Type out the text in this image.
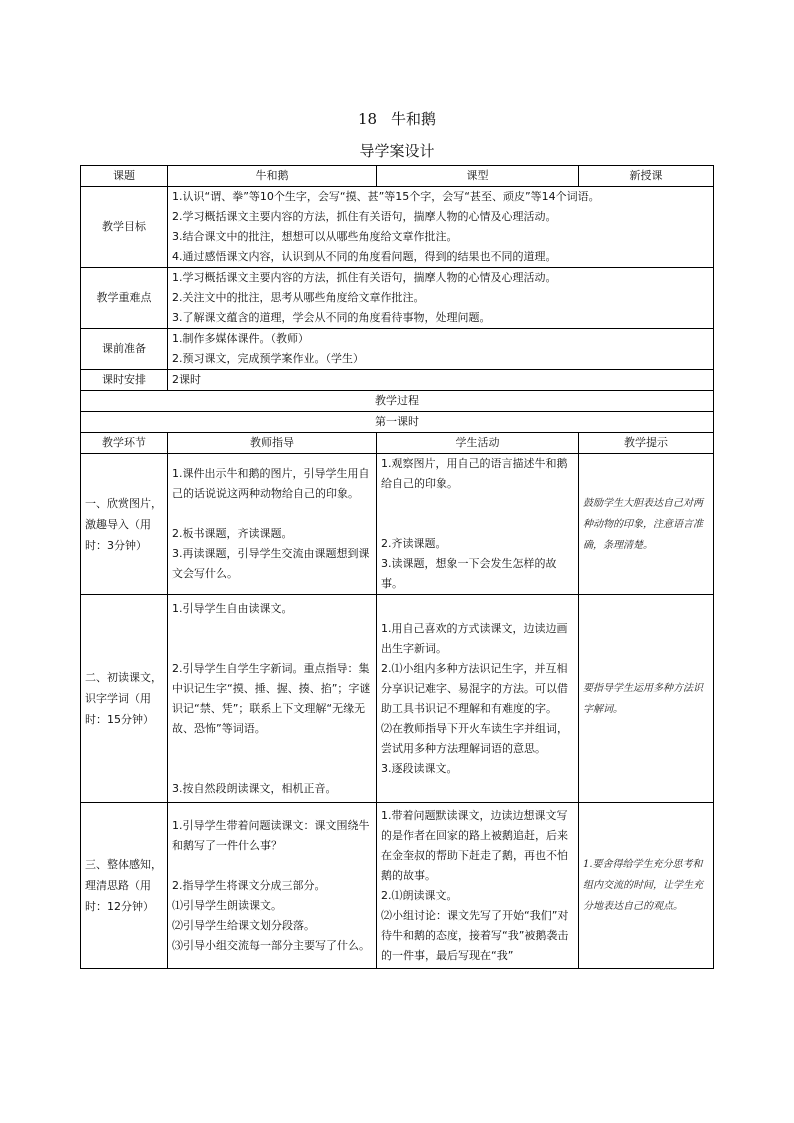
18 牛和鹅
导学案设计
课题	牛和鹅	课型	新授课
教学目标	1.认识“谓、拳”等10个生字，会写“摸、甚”等15个字，会写“甚至、顽皮”等14个词语。
2.学习概括课文主要内容的方法，抓住有关语句，揣摩人物的心情及心理活动。
3.结合课文中的批注，想想可以从哪些角度给文章作批注。
4.通过感悟课文内容，认识到从不同的角度看问题，得到的结果也不同的道理。		

教学重难点	1.学习概括课文主要内容的方法，抓住有关语句，揣摩人物的心情及心理活动。
2.关注文中的批注，思考从哪些角度给文章作批注。
3.了解课文蕴含的道理，学会从不同的角度看待事物，处理问题。		

课前准备	1.制作多媒体课件。（教师）
2.预习课文，完成预学案作业。（学生）		

课时安排	2课时		
教学过程			
第一课时			
教学环节	教师指导	学生活动	教学提示
一、欣赏图片，激趣导入（用时：3分钟）	1.课件出示牛和鹅的图片，引导学生用自己的话说说这两种动物给自己的印象。
2.板书课题，齐读课题。
3.再读课题，引导学生交流由课题想到课文会写什么。	1.观察图片，用自己的语言描述牛和鹅给自己的印象。
2.齐读课题。
3.读课题，想象一下会发生怎样的故事。	鼓励学生大胆表达自己对两种动物的印象，注意语言准确，条理清楚。
二、初读课文，识字学词（用时：15分钟）	1.引导学生自由读课文。
2.引导学生自学生字新词。重点指导：集中识记生字“摸、捶、握、揍、掐”；字谜识记“禁、凭”；联系上下文理解“无缘无故、恐怖”等词语。
3.按自然段朗读课文，相机正音。	1.用自己喜欢的方式读课文，边读边画出生字新词。
2.⑴小组内多种方法识记生字，并互相分享识记难字、易混字的方法。可以借助工具书识记不理解和有难度的字。
⑵在教师指导下开火车读生字并组词，尝试用多种方法理解词语的意思。
3.逐段读课文。	要指导学生运用多种方法识字解词。
三、整体感知，理清思路（用时：12分钟）	1.引导学生带着问题读课文：课文围绕牛和鹅写了一件什么事？
2.指导学生将课文分成三部分。
⑴引导学生朗读课文。
⑵引导学生给课文划分段落。
⑶引导小组交流每一部分主要写了什么。	1.带着问题默读课文，边读边想课文写的是作者在回家的路上被鹅追赶，后来在金奎叔的帮助下赶走了鹅，再也不怕鹅的故事。
2.⑴朗读课文。
⑵小组讨论：课文先写了开始“我们”对待牛和鹅的态度，接着写“我”被鹅袭击的一件事，最后写现在“我”	1.要舍得给学生充分思考和组内交流的时间，让学生充分地表达自己的观点。
